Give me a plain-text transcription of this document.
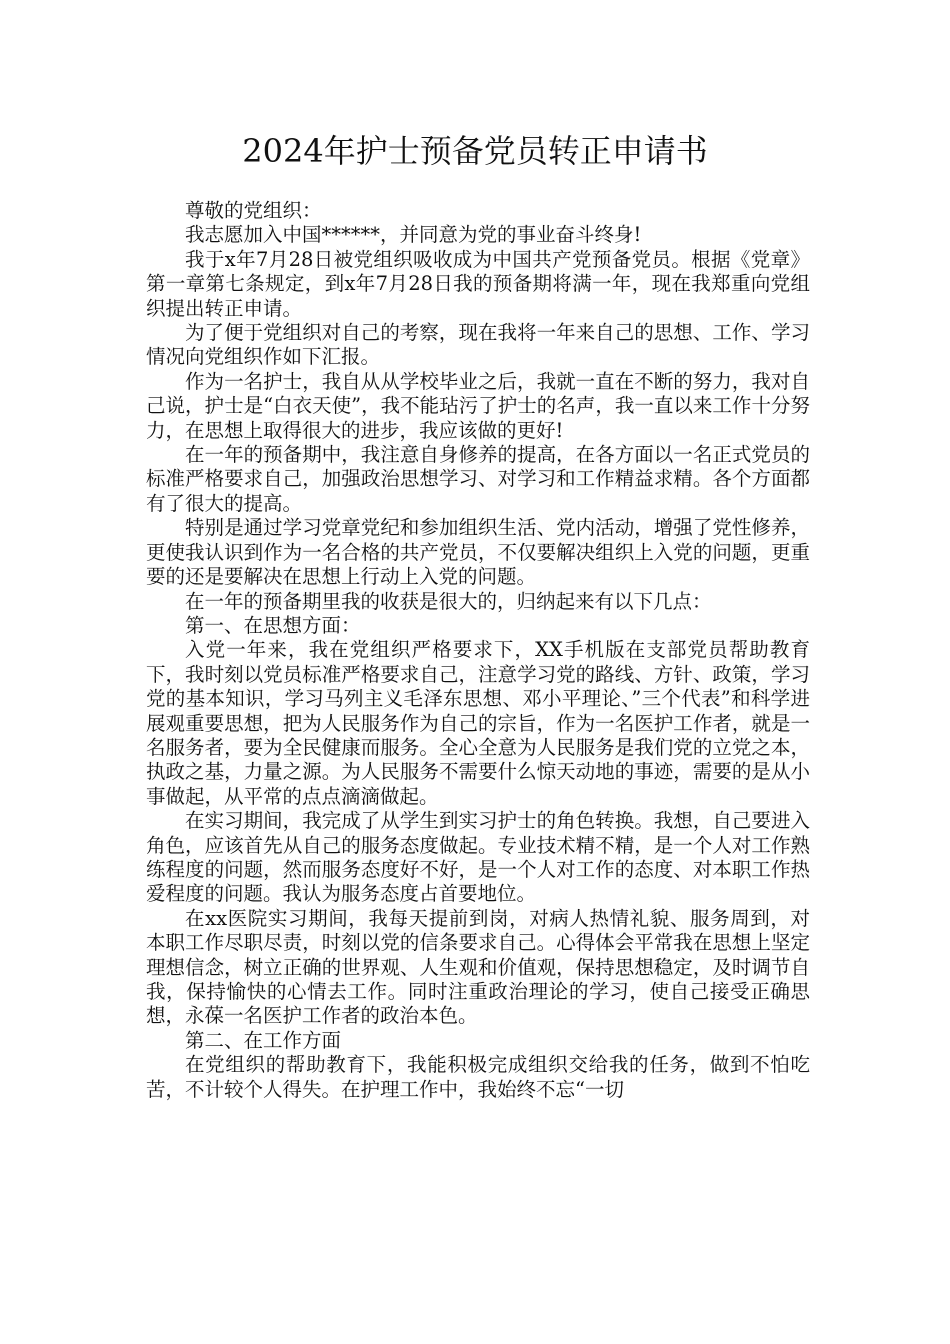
2024年护士预备党员转正申请书

尊敬的党组织：

我志愿加入中国******，并同意为党的事业奋斗终身!

我于x年7月28日被党组织吸收成为中国共产党预备党员。根据《党章》第一章第七条规定，到x年7月28日我的预备期将满一年，现在我郑重向党组织提出转正申请。

为了便于党组织对自己的考察，现在我将一年来自己的思想、工作、学习情况向党组织作如下汇报。

作为一名护士，我自从从学校毕业之后，我就一直在不断的努力，我对自己说，护士是“白衣天使”，我不能玷污了护士的名声，我一直以来工作十分努力，在思想上取得很大的进步，我应该做的更好!

在一年的预备期中，我注意自身修养的提高，在各方面以一名正式党员的标准严格要求自己，加强政治思想学习、对学习和工作精益求精。各个方面都有了很大的提高。

特别是通过学习党章党纪和参加组织生活、党内活动，增强了党性修养，更使我认识到作为一名合格的共产党员，不仅要解决组织上入党的问题，更重要的还是要解决在思想上行动上入党的问题。

在一年的预备期里我的收获是很大的，归纳起来有以下几点：

第一、在思想方面：

入党一年来，我在党组织严格要求下，XX手机版在支部党员帮助教育下，我时刻以党员标准严格要求自己，注意学习党的路线、方针、政策，学习党的基本知识，学习马列主义毛泽东思想、邓小平理论、”三个代表”和科学进展观重要思想，把为人民服务作为自己的宗旨，作为一名医护工作者，就是一名服务者，要为全民健康而服务。全心全意为人民服务是我们党的立党之本，执政之基，力量之源。为人民服务不需要什么惊天动地的事迹，需要的是从小事做起，从平常的点点滴滴做起。

在实习期间，我完成了从学生到实习护士的角色转换。我想，自己要进入角色，应该首先从自己的服务态度做起。专业技术精不精，是一个人对工作熟练程度的问题，然而服务态度好不好，是一个人对工作的态度、对本职工作热爱程度的问题。我认为服务态度占首要地位。

在xx医院实习期间，我每天提前到岗，对病人热情礼貌、服务周到，对本职工作尽职尽责，时刻以党的信条要求自己。心得体会平常我在思想上坚定理想信念，树立正确的世界观、人生观和价值观，保持思想稳定，及时调节自我，保持愉快的心情去工作。同时注重政治理论的学习，使自己接受正确思想，永葆一名医护工作者的政治本色。

第二、在工作方面

在党组织的帮助教育下，我能积极完成组织交给我的任务，做到不怕吃苦，不计较个人得失。在护理工作中，我始终不忘“一切
